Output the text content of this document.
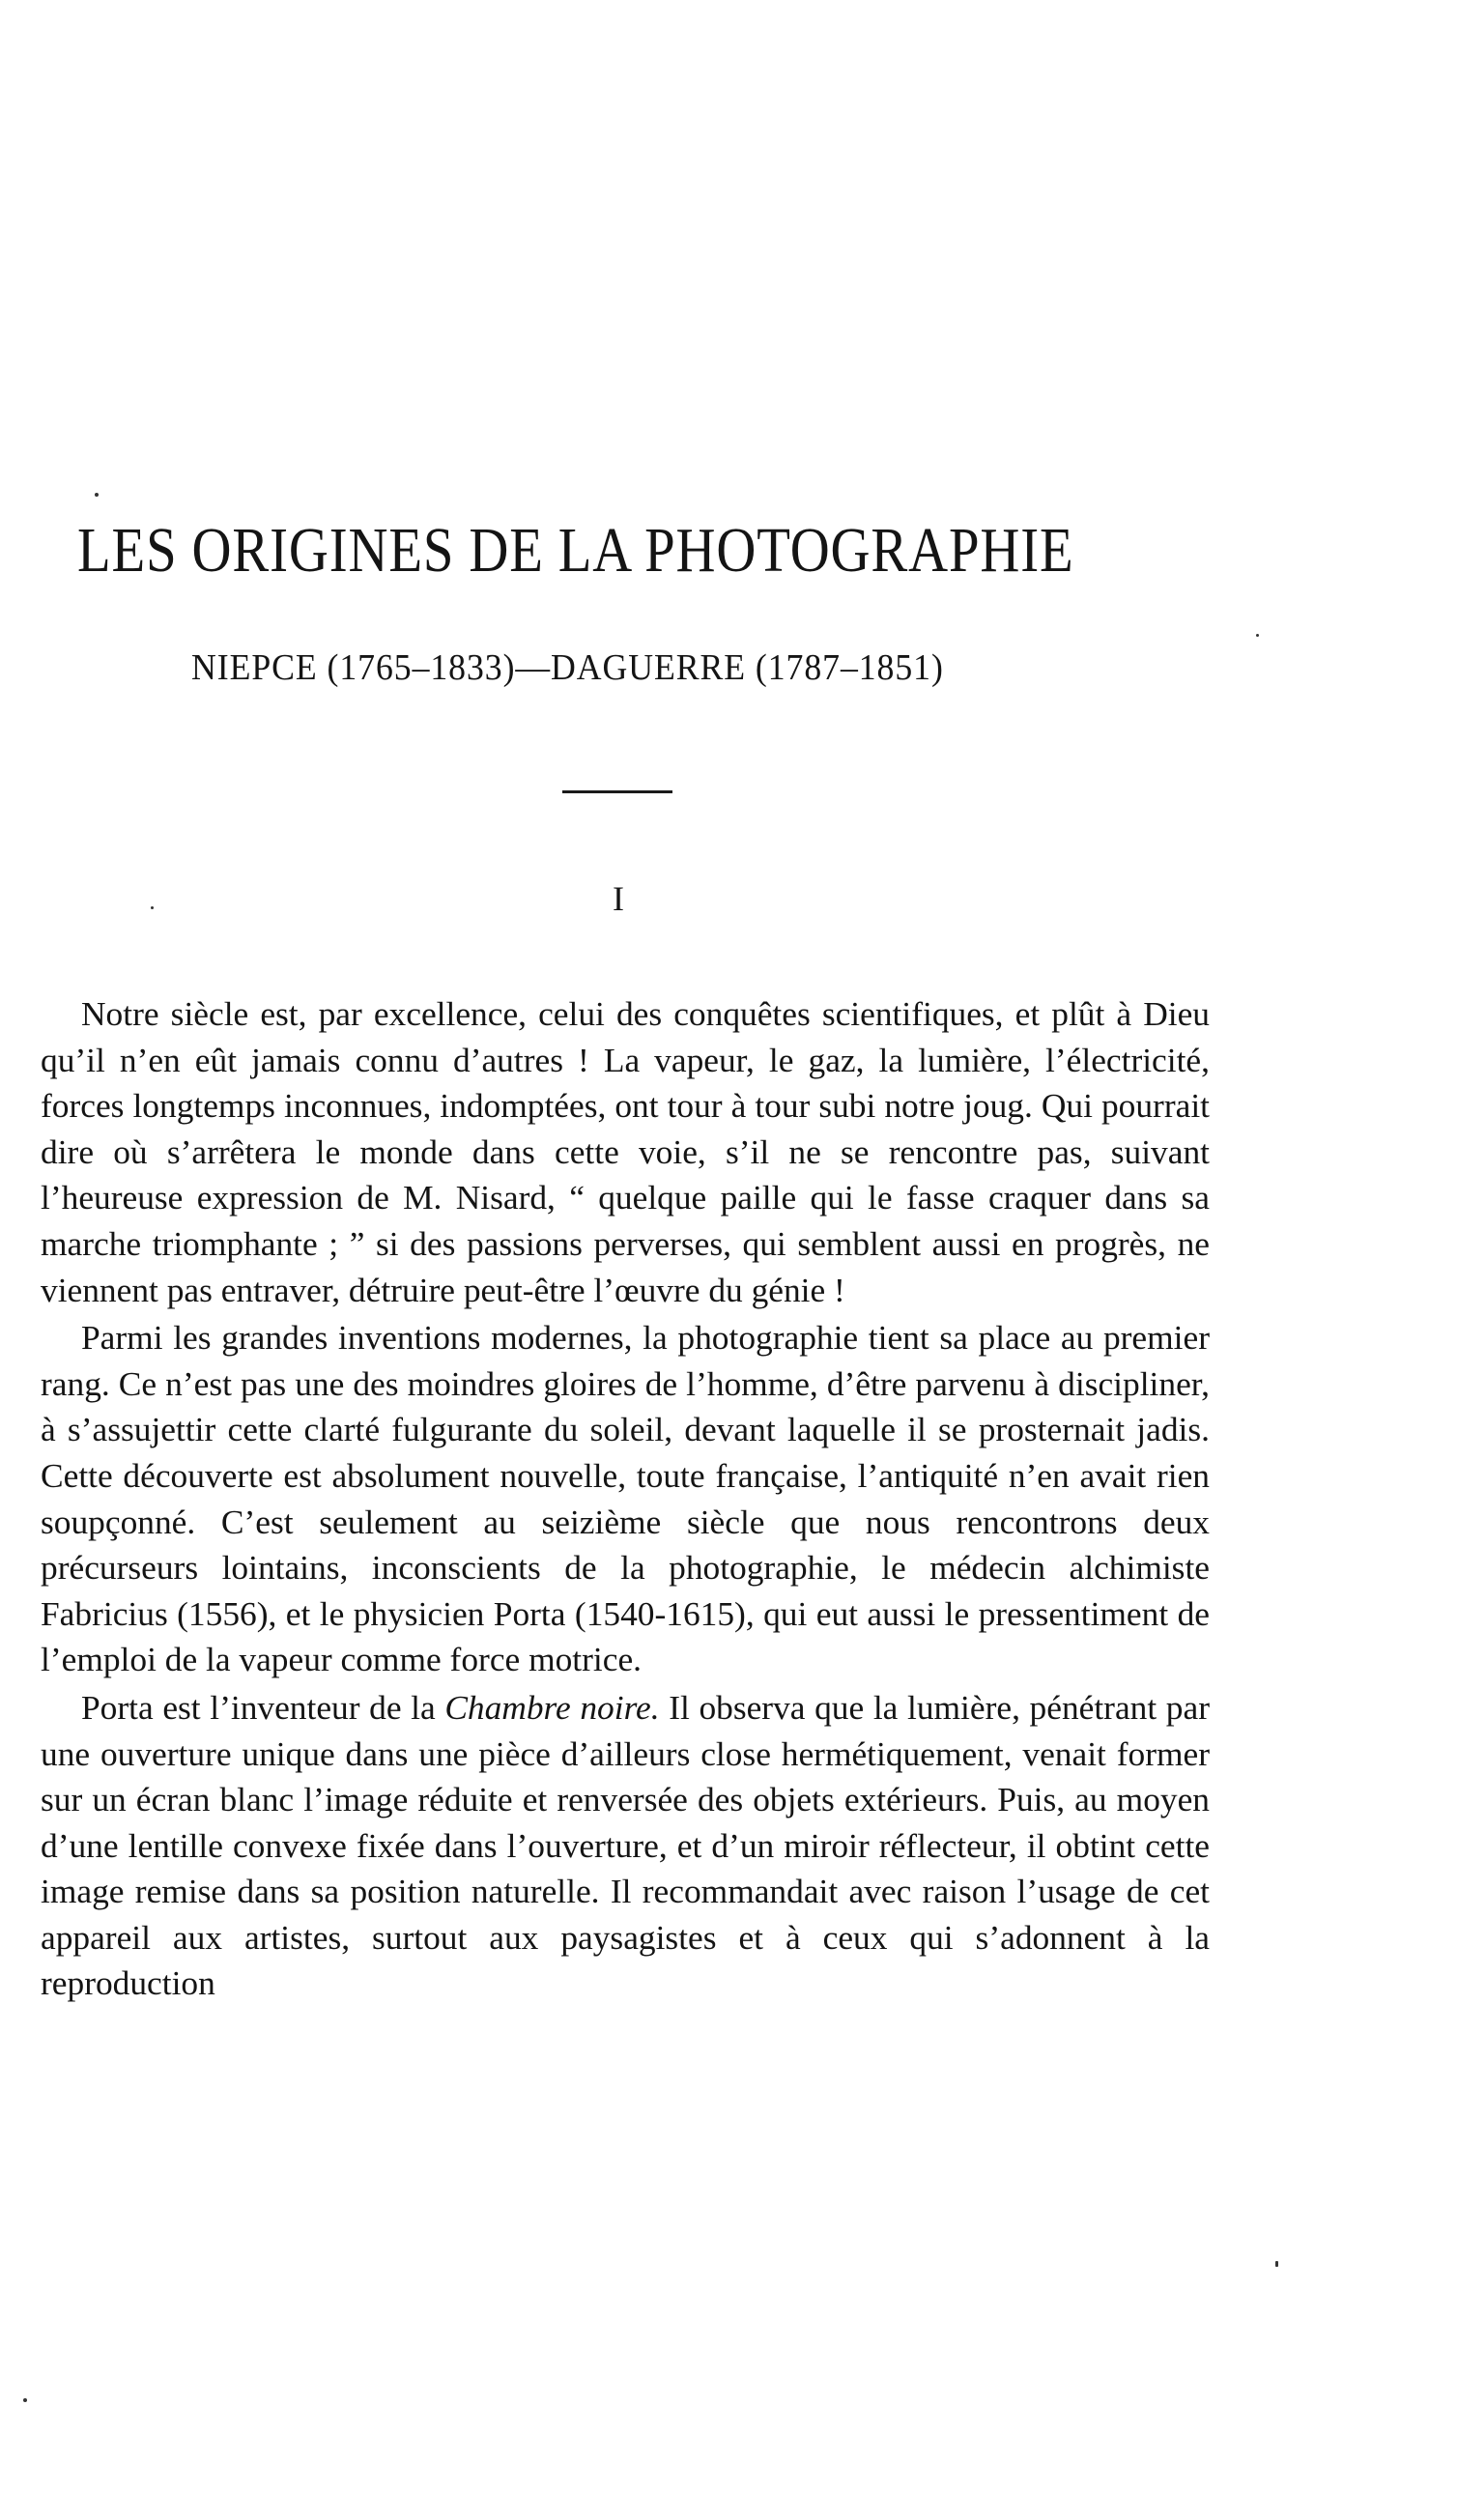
LES ORIGINES DE LA PHOTOGRAPHIE
NIEPCE (1765–1833)—DAGUERRE (1787–1851)
I

Notre siècle est, par excellence, celui des conquêtes scientifiques, et plût à Dieu qu’il n’en eût jamais connu d’autres ! La vapeur, le gaz, la lumière, l’électricité, forces longtemps inconnues, indomptées, ont tour à tour subi notre joug. Qui pourrait dire où s’arrêtera le monde dans cette voie, s’il ne se rencontre pas, suivant l’heureuse expression de M. Nisard, “ quelque paille qui le fasse craquer dans sa marche triomphante ; ” si des passions perverses, qui semblent aussi en progrès, ne viennent pas entraver, détruire peut-être l’œuvre du génie !

Parmi les grandes inventions modernes, la photographie tient sa place au premier rang. Ce n’est pas une des moindres gloires de l’homme, d’être parvenu à discipliner, à s’assujettir cette clarté fulgurante du soleil, devant laquelle il se prosternait jadis. Cette découverte est absolument nouvelle, toute française, l’antiquité n’en avait rien soupçonné. C’est seulement au seizième siècle que nous rencontrons deux précurseurs lointains, inconscients de la photographie, le médecin alchimiste Fabricius (1556), et le physicien Porta (1540-1615), qui eut aussi le pressentiment de l’emploi de la vapeur comme force motrice.

Porta est l’inventeur de la Chambre noire. Il observa que la lumière, pénétrant par une ouverture unique dans une pièce d’ailleurs close hermétiquement, venait former sur un écran blanc l’image réduite et renversée des objets extérieurs. Puis, au moyen d’une lentille convexe fixée dans l’ouverture, et d’un miroir réflecteur, il obtint cette image remise dans sa position naturelle. Il recommandait avec raison l’usage de cet appareil aux artistes, surtout aux paysagistes et à ceux qui s’adonnent à la reproduction
